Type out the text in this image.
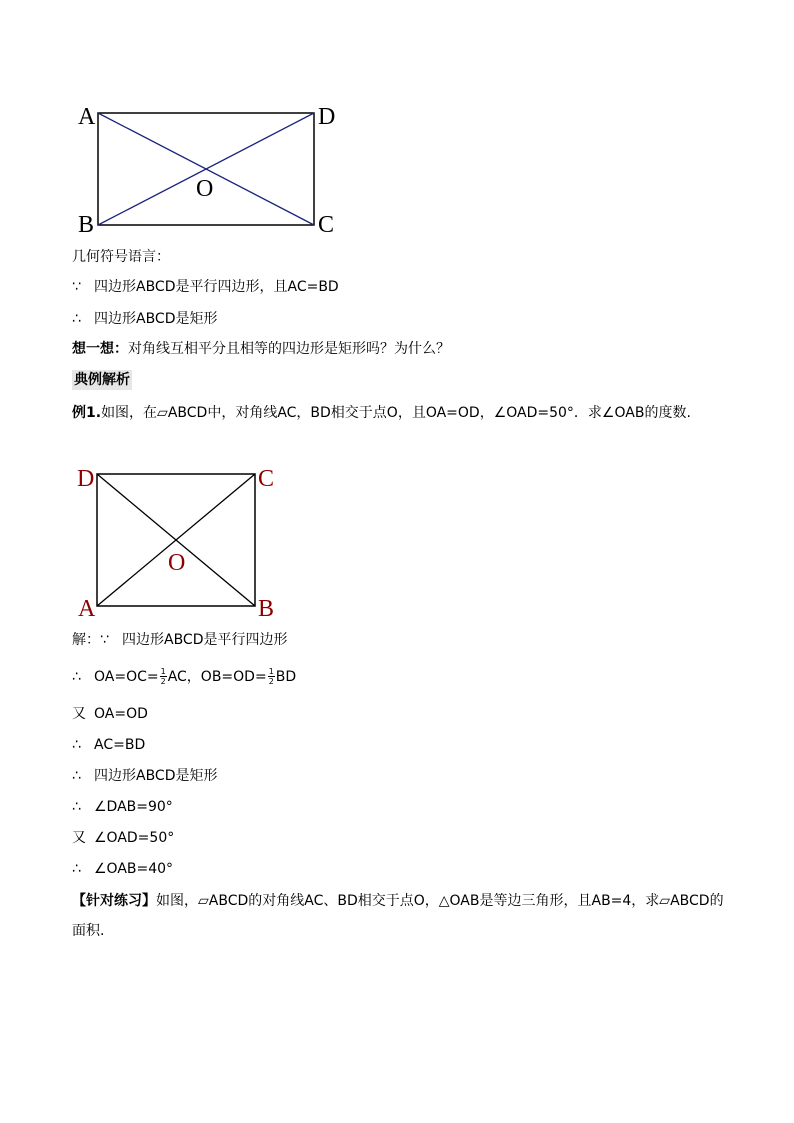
A	D
B	C
O
几何符号语言：
∵ 四边形ABCD是平行四边形，且AC=BD
∴ 四边形ABCD是矩形
想一想：对角线互相平分且相等的四边形是矩形吗？为什么？
典例解析
例1.如图，在▱ABCD中，对角线AC，BD相交于点O，且OA=OD，∠OAD=50°．求∠OAB的度数.
D	C
A	B
O
解：∵ 四边形ABCD是平行四边形
∴ $OA=OC= \frac{1}{2}$ AC，$OB=OD= \frac{1}{2}$ BD
又 OA=OD
∴ AC=BD
∴ 四边形ABCD是矩形
∴ ∠DAB=90°
又 ∠OAD=50°
∴ ∠OAB=40°
【针对练习】如图，▱ABCD的对角线AC、BD相交于点O，△OAB是等边三角形，且AB=4，求▱ABCD的面积.
